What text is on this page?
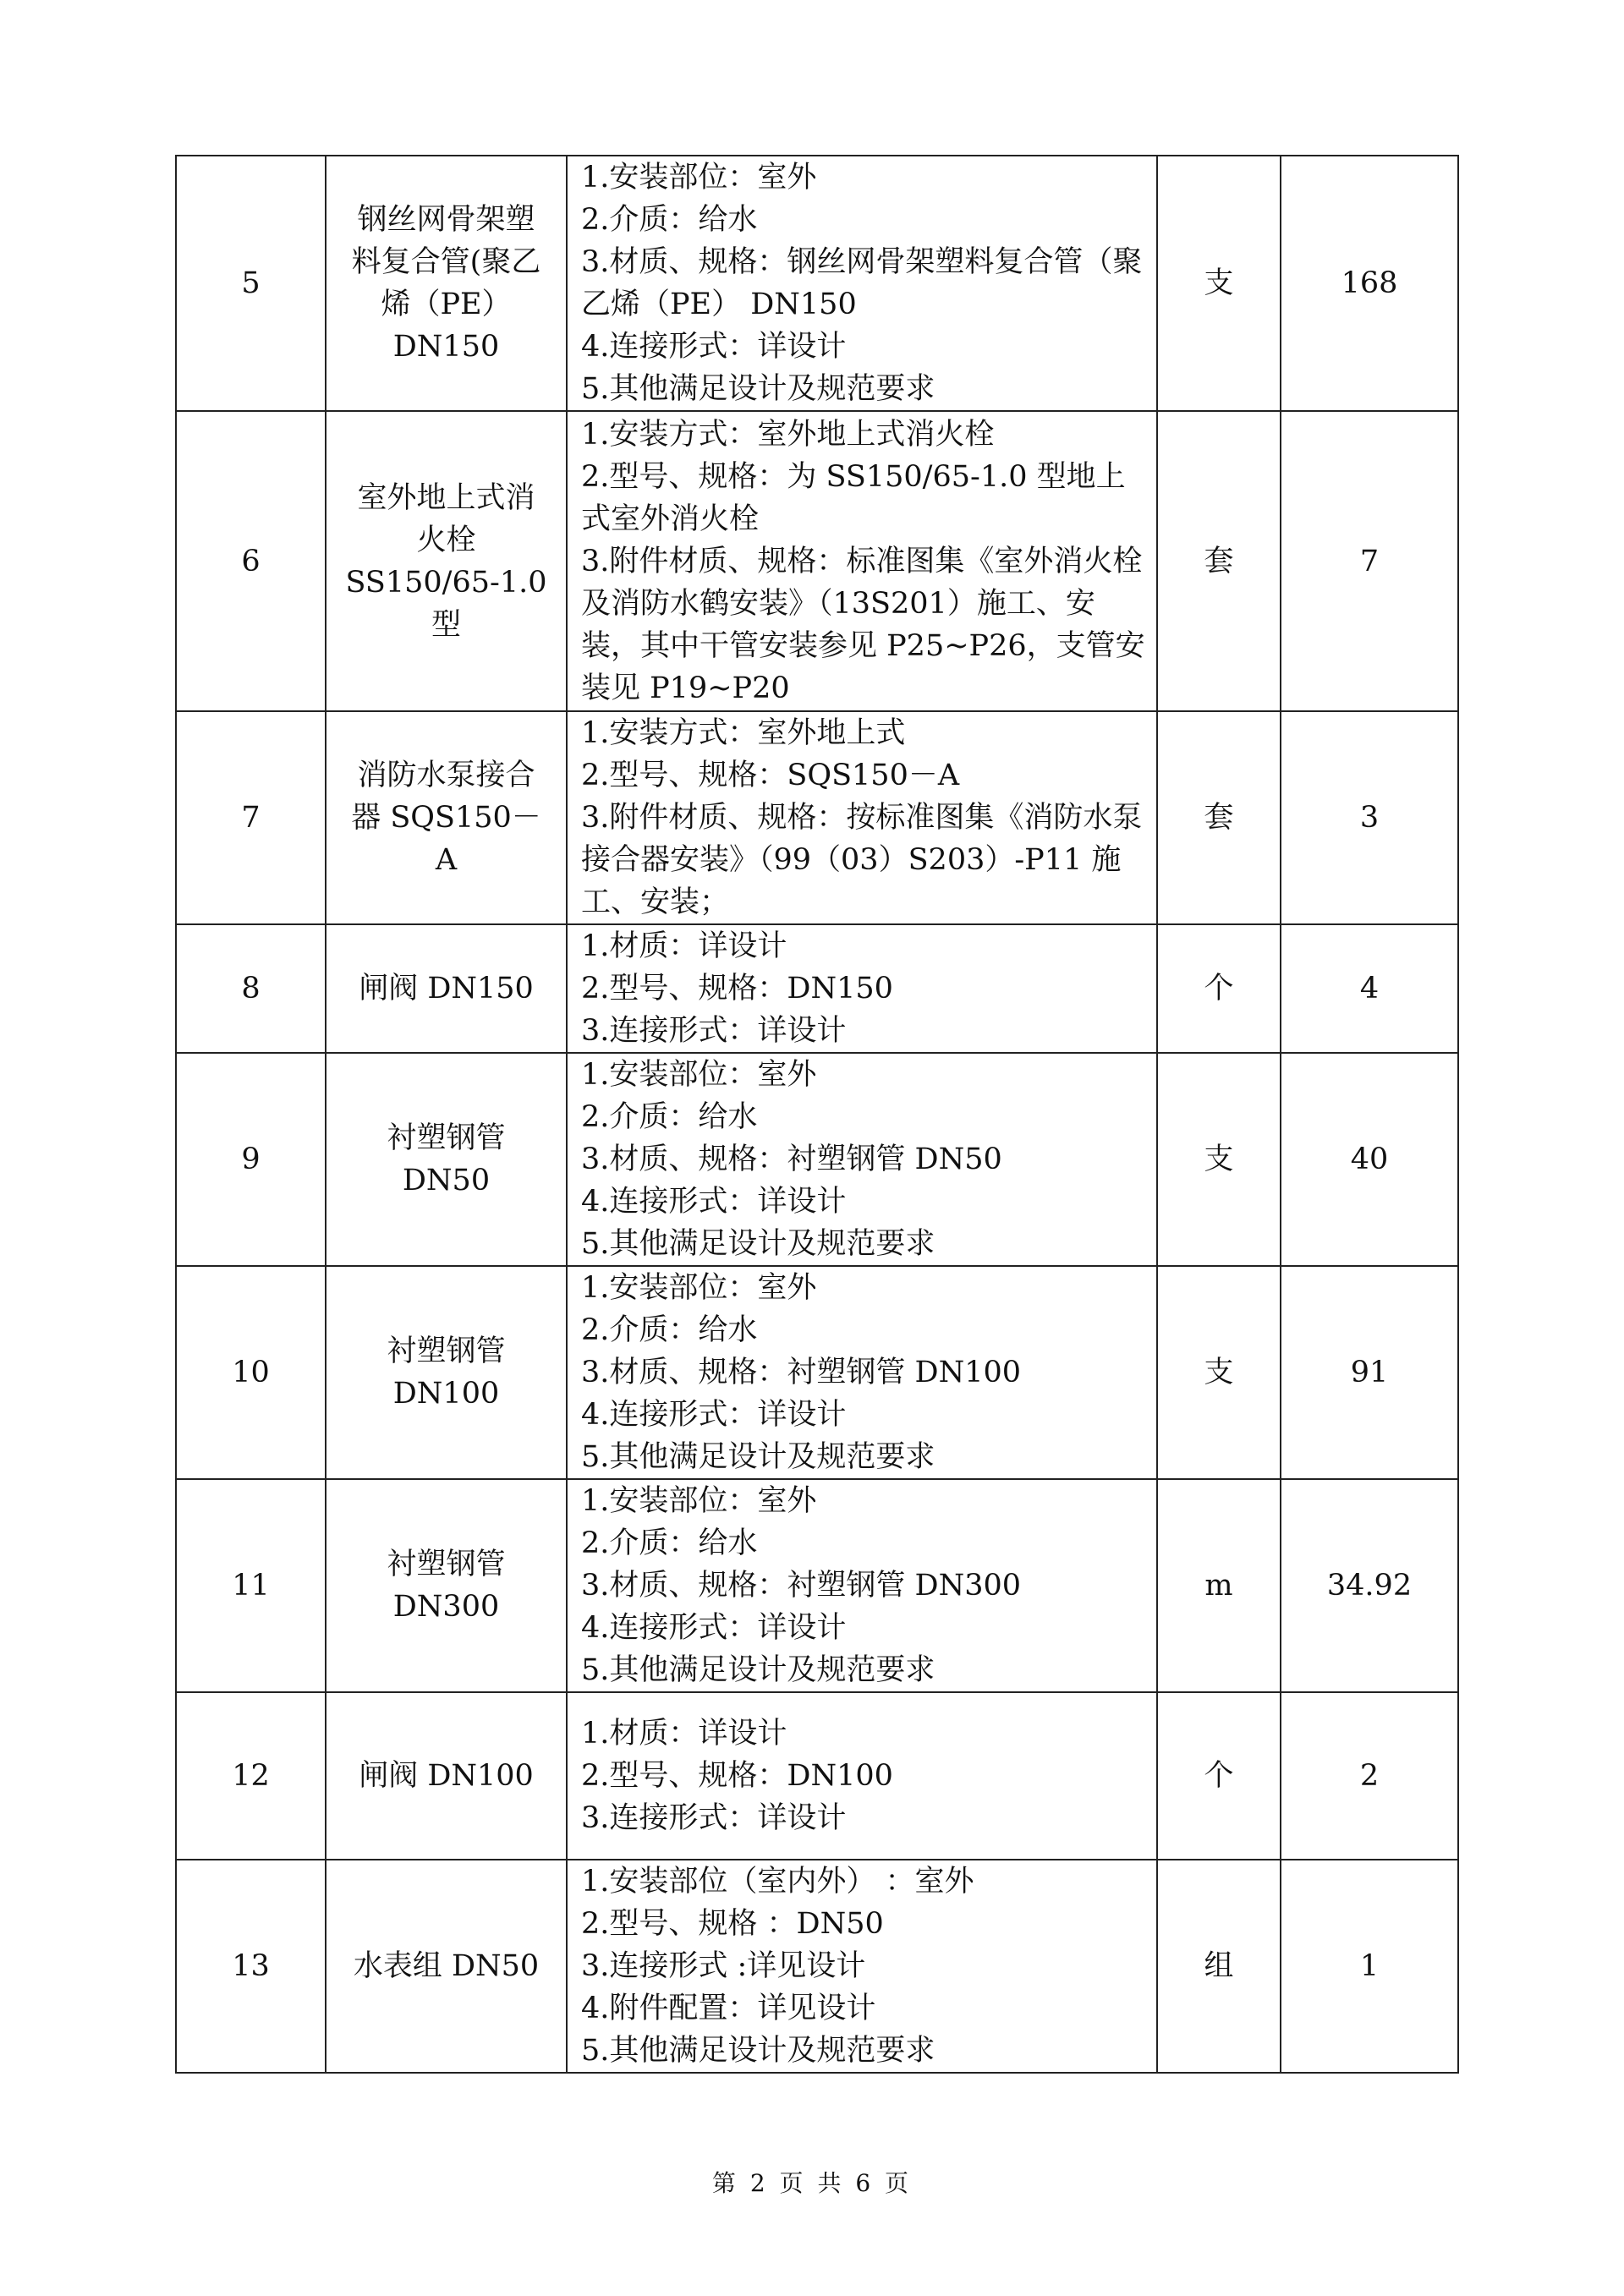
5	钢丝网骨架塑料复合管(聚乙烯（PE） DN150	1.安装部位：室外
2.介质：给水
3.材质、规格：钢丝网骨架塑料复合管（聚乙烯（PE） DN150
4.连接形式：详设计
5.其他满足设计及规范要求	支	168
6	室外地上式消火栓 SS150/65-1.0型	1.安装方式：室外地上式消火栓
2.型号、规格：为 SS150/65-1.0 型地上式室外消火栓
3.附件材质、规格：标准图集《室外消火栓及消防水鹤安装》（13S201）施工、安装，其中干管安装参见 P25~P26，支管安装见 P19~P20	套	7
7	消防水泵接合器 SQS150－A	1.安装方式：室外地上式
2.型号、规格：SQS150－A
3.附件材质、规格：按标准图集《消防水泵接合器安装》（99（03）S203）-P11 施工、安装；	套	3
8	闸阀 DN150	1.材质：详设计
2.型号、规格：DN150
3.连接形式：详设计	个	4
9	衬塑钢管 DN50	1.安装部位：室外
2.介质：给水
3.材质、规格：衬塑钢管 DN50
4.连接形式：详设计
5.其他满足设计及规范要求	支	40
10	衬塑钢管 DN100	1.安装部位：室外
2.介质：给水
3.材质、规格：衬塑钢管 DN100
4.连接形式：详设计
5.其他满足设计及规范要求	支	91
11	衬塑钢管 DN300	1.安装部位：室外
2.介质：给水
3.材质、规格：衬塑钢管 DN300
4.连接形式：详设计
5.其他满足设计及规范要求	m	34.92
12	闸阀 DN100	1.材质：详设计
2.型号、规格：DN100
3.连接形式：详设计	个	2
13	水表组 DN50	1.安装部位（室内外） ：室外
2.型号、规格 ：DN50
3.连接形式 :详见设计
4.附件配置：详见设计
5.其他满足设计及规范要求	组	1
第 2 页 共 6 页
